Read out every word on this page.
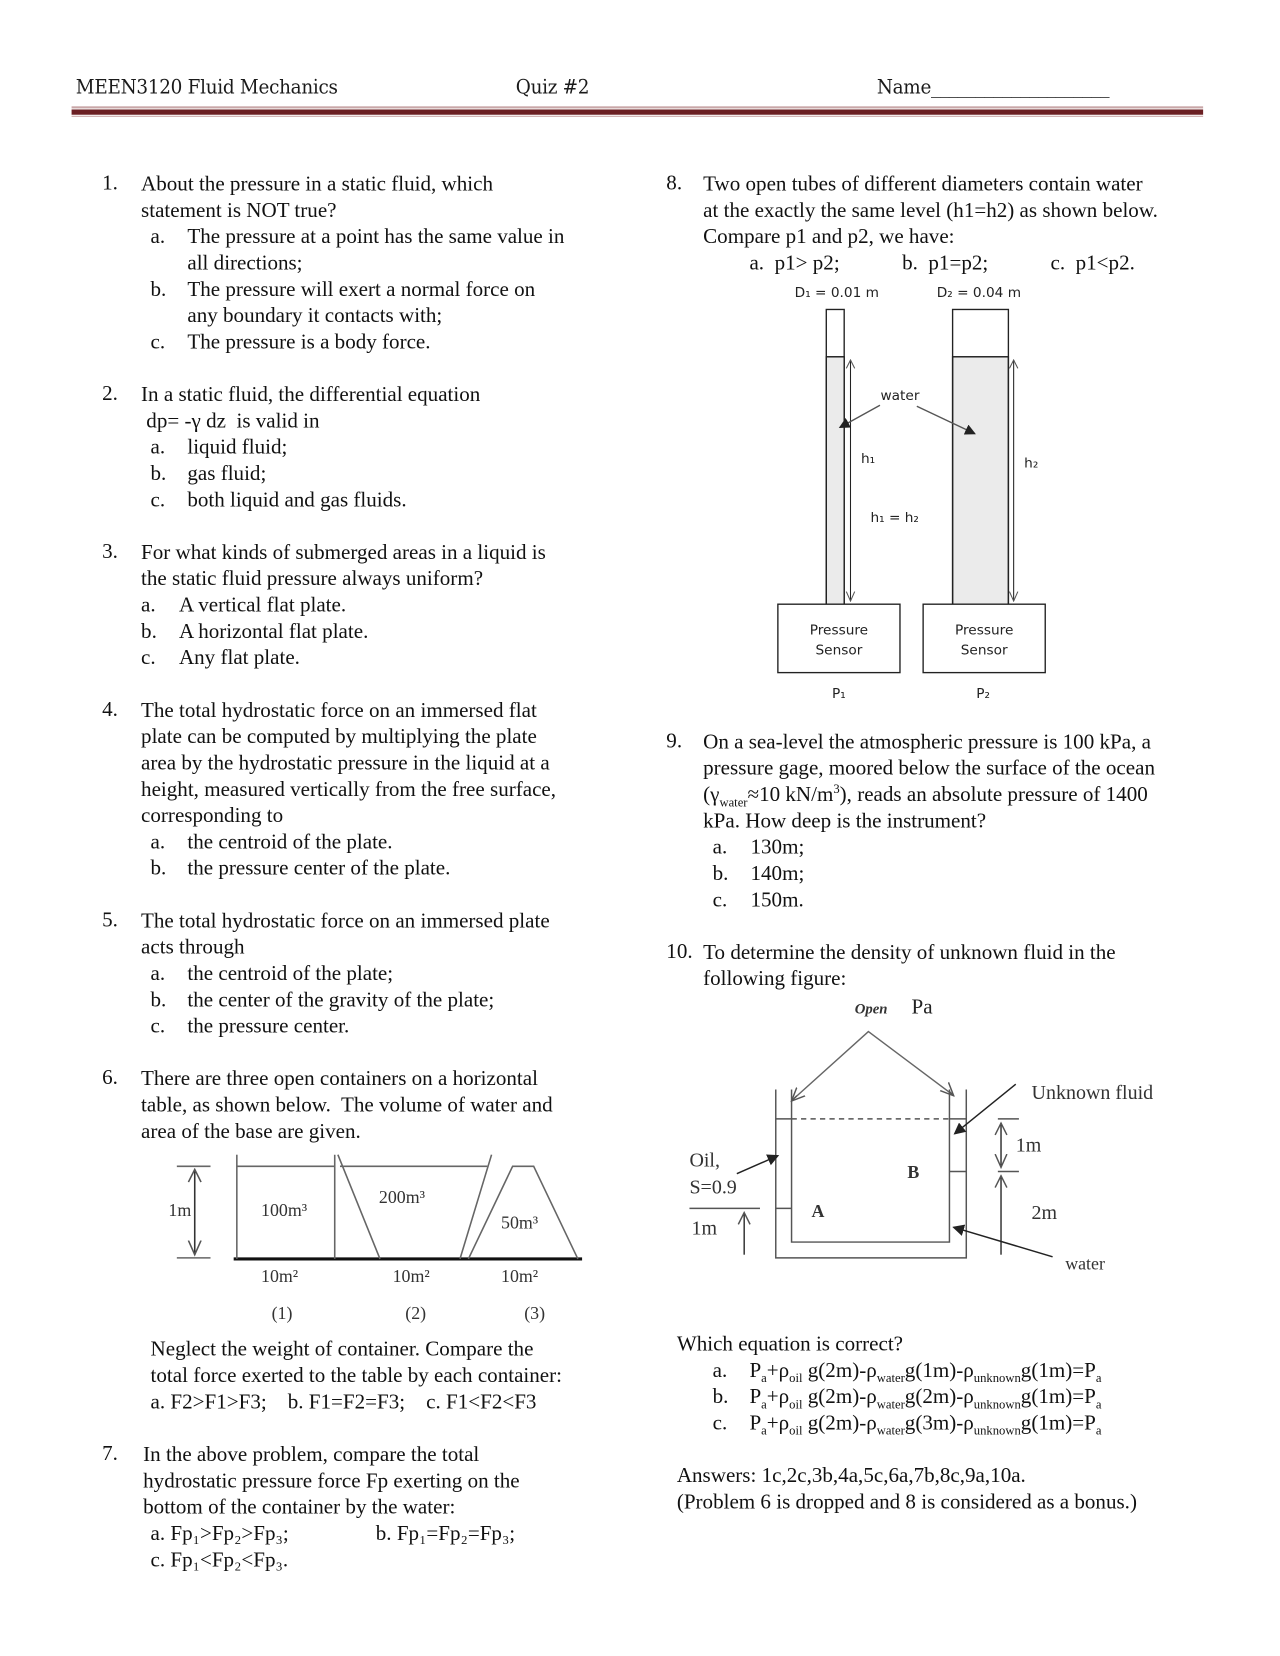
MEEN3120 Fluid Mechanics	Quiz #2	Name____________________
1.	About the pressure in a static fluid, which
statement is NOT true?
a. The pressure at a point has the same value in
all directions;
b. The pressure will exert a normal force on
any boundary it contacts with;
c. The pressure is a body force.
2.	In a static fluid, the differential equation
dp= -γ dz  is valid in
a. liquid fluid;
b. gas fluid;
c. both liquid and gas fluids.
3.	For what kinds of submerged areas in a liquid is
the static fluid pressure always uniform?
a. A vertical flat plate.
b. A horizontal flat plate.
c. Any flat plate.
4.	The total hydrostatic force on an immersed flat
plate can be computed by multiplying the plate
area by the hydrostatic pressure in the liquid at a
height, measured vertically from the free surface,
corresponding to
a. the centroid of the plate.
b. the pressure center of the plate.
5.	The total hydrostatic force on an immersed plate
acts through
a. the centroid of the plate;
b. the center of the gravity of the plate;
c. the pressure center.
6.	There are three open containers on a horizontal
table, as shown below.  The volume of water and
area of the base are given.
Neglect the weight of container. Compare the
total force exerted to the table by each container:
a. F2>F1>F3;    b. F1=F2=F3;    c. F1<F2<F3
7.	In the above problem, compare the total
hydrostatic pressure force Fp exerting on the
bottom of the container by the water:
8.	Two open tubes of different diameters contain water
at the exactly the same level (h1=h2) as shown below.
Compare p1 and p2, we have:
9.	On a sea-level the atmospheric pressure is 100 kPa, a
pressure gage, moored below the surface of the ocean
($\gamma_{water}\approx 10$ $kN/m^3$), reads an absolute pressure of 1400
kPa. How deep is the instrument?
a. 130m;
b. 140m;
c. 150m.
10. To determine the density of unknown fluid in the
following figure:
Which equation is correct?
a. $P_a+\rho_{oil}$ $g(2m)-\rho_{water}g(1m)-\rho_{unknown}g(1m)=P_a$
b. $P_a+\rho_{oil}$ $g(2m)-\rho_{water}g(2m)-\rho_{unknown}g(1m)=P_a$
c. $P_a+\rho_{oil}$ $g(2m)-\rho_{water}g(3m)-\rho_{unknown}g(1m)=P_a$
Answers: 1c,2c,3b,4a,5c,6a,7b,8c,9a,10a.
(Problem 6 is dropped and 8 is considered as a bonus.)
a. Fp₁>Fp₂>Fp₃;	b. Fp₁=Fp₂=Fp₃;
c. Fp₁<Fp₂<Fp₃.
a.  p1> p2;	b.  p1=p2;	c.  p1<p2.
1m	100m³
200m³
50m³
10m²	10m²	10m²
(1)	(2)	(3)
D₁ = 0.01 m	D₂ = 0.04 m
water
h₁	h₂
h₁ = h₂
Pressure
Sensor
Pressure
Sensor
P₁	P₂
Open Pa
Unknown fluid
Oil,
S=0.9
B
A
1m
2m
1m
water
